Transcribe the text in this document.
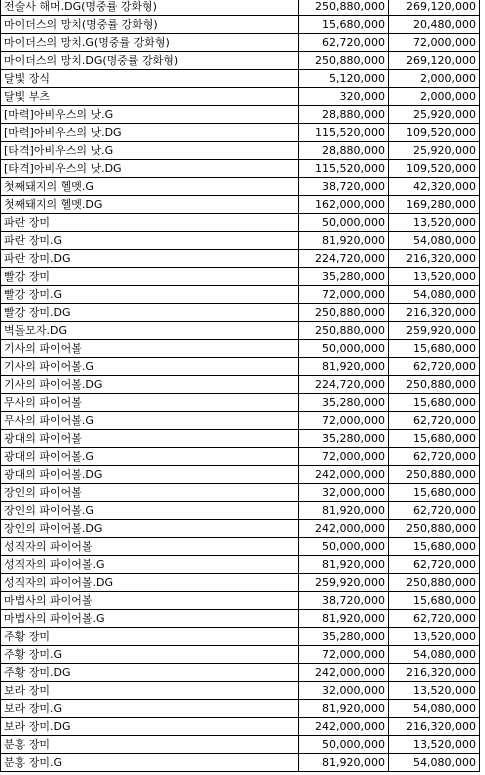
전술사 해머.DG(명중률 강화형)	250,880,000	269,120,000
마이더스의 망치(명중률 강화형)	15,680,000	20,480,000
마이더스의 망치.G(명중률 강화형)	62,720,000	72,000,000
마이더스의 망치.DG(명중률 강화형)	250,880,000	269,120,000
달빛 장식	5,120,000	2,000,000
달빛 부츠	320,000	2,000,000
[마력]아비우스의 낫.G	28,880,000	25,920,000
[마력]아비우스의 낫.DG	115,520,000	109,520,000
[타격]아비우스의 낫.G	28,880,000	25,920,000
[타격]아비우스의 낫.DG	115,520,000	109,520,000
첫째돼지의 헬멧.G	38,720,000	42,320,000
첫째돼지의 헬멧.DG	162,000,000	169,280,000
파란 장미	50,000,000	13,520,000
파란 장미.G	81,920,000	54,080,000
파란 장미.DG	224,720,000	216,320,000
빨강 장미	35,280,000	13,520,000
빨강 장미.G	72,000,000	54,080,000
빨강 장미.DG	250,880,000	216,320,000
벽돌모자.DG	250,880,000	259,920,000
기사의 파이어볼	50,000,000	15,680,000
기사의 파이어볼.G	81,920,000	62,720,000
기사의 파이어볼.DG	224,720,000	250,880,000
무사의 파이어볼	35,280,000	15,680,000
무사의 파이어볼.G	72,000,000	62,720,000
광대의 파이어볼	35,280,000	15,680,000
광대의 파이어볼.G	72,000,000	62,720,000
광대의 파이어볼.DG	242,000,000	250,880,000
장인의 파이어볼	32,000,000	15,680,000
장인의 파이어볼.G	81,920,000	62,720,000
장인의 파이어볼.DG	242,000,000	250,880,000
성직자의 파이어볼	50,000,000	15,680,000
성직자의 파이어볼.G	81,920,000	62,720,000
성직자의 파이어볼.DG	259,920,000	250,880,000
마법사의 파이어볼	38,720,000	15,680,000
마법사의 파이어볼.G	81,920,000	62,720,000
주황 장미	35,280,000	13,520,000
주황 장미.G	72,000,000	54,080,000
주황 장미.DG	242,000,000	216,320,000
보라 장미	32,000,000	13,520,000
보라 장미.G	81,920,000	54,080,000
보라 장미.DG	242,000,000	216,320,000
분홍 장미	50,000,000	13,520,000
분홍 장미.G	81,920,000	54,080,000
